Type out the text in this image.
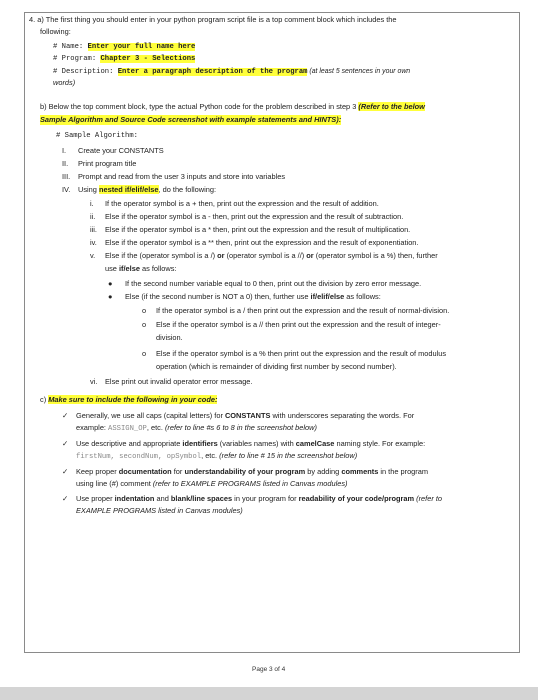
4. a) The first thing you should enter in your python program script file is a top comment block which includes the
following:
# Name: Enter your full name here
# Program: Chapter 3 - Selections
# Description: Enter a paragraph description of the program (at least 5 sentences in your own
words)
b) Below the top comment block, type the actual Python code for the problem described in step 3 (Refer to the below
Sample Algorithm and Source Code screenshot with example statements and HINTS):
# Sample Algorithm:
I. Create your CONSTANTS
II. Print program title
III. Prompt and read from the user 3 inputs and store into variables
IV. Using nested if/elif/else, do the following:
i. If the operator symbol is a + then, print out the expression and the result of addition.
ii. Else if the operator symbol is a - then, print out the expression and the result of subtraction.
iii. Else if the operator symbol is a * then, print out the expression and the result of multiplication.
iv. Else if the operator symbol is a ** then, print out the expression and the result of exponentiation.
v. Else if the (operator symbol is a /) or (operator symbol is a //) or (operator symbol is a %) then, further
use if/else as follows:
● If the second number variable equal to 0 then, print out the division by zero error message.
● Else (if the second number is NOT a 0) then, further use if/elif/else as follows:
o If the operator symbol is a / then print out the expression and the result of normal-division.
o Else if the operator symbol is a // then print out the expression and the result of integer-
division.
o Else if the operator symbol is a % then print out the expression and the result of modulus
operation (which is remainder of dividing first number by second number).
vi. Else print out invalid operator error message.
c) Make sure to include the following in your code:
✓ Generally, we use all caps (capital letters) for CONSTANTS with underscores separating the words. For
example: ASSIGN_OP, etc. (refer to line #s 6 to 8 in the screenshot below)
✓ Use descriptive and appropriate identifiers (variables names) with camelCase naming style. For example:
firstNum, secondNum, opSymbol, etc. (refer to line # 15 in the screenshot below)
✓ Keep proper documentation for understandability of your program by adding comments in the program
using line (#) comment (refer to EXAMPLE PROGRAMS listed in Canvas modules)
✓ Use proper indentation and blank/line spaces in your program for readability of your code/program (refer to
EXAMPLE PROGRAMS listed in Canvas modules)
Page 3 of 4
